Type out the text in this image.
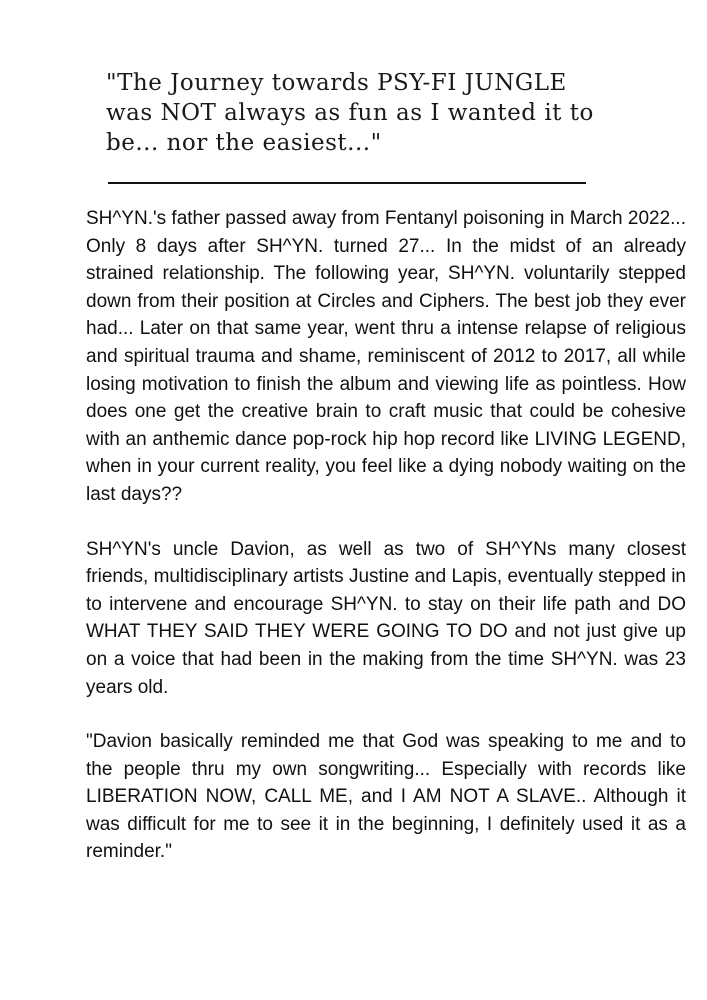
"The Journey towards PSY-FI JUNGLE was NOT always as fun as I wanted it to be... nor the easiest..."

SH^YN.'s father passed away from Fentanyl poisoning in March 2022... Only 8 days after SH^YN. turned 27... In the midst of an already strained relationship. The following year, SH^YN. voluntarily stepped down from their position at Circles and Ciphers. The best job they ever had... Later on that same year, went thru a intense relapse of religious and spiritual trauma and shame, reminiscent of 2012 to 2017, all while losing motivation to finish the album and viewing life as pointless. How does one get the creative brain to craft music that could be cohesive with an anthemic dance pop-rock hip hop record like LIVING LEGEND, when in your current reality, you feel like a dying nobody waiting on the last days??

SH^YN's uncle Davion, as well as two of SH^YNs many closest friends, multidisciplinary artists Justine and Lapis, eventually stepped in to intervene and encourage SH^YN. to stay on their life path and DO WHAT THEY SAID THEY WERE GOING TO DO and not just give up on a voice that had been in the making from the time SH^YN. was 23 years old.

"Davion basically reminded me that God was speaking to me and to the people thru my own songwriting... Especially with records like LIBERATION NOW, CALL ME, and I AM NOT A SLAVE.. Although it was difficult for me to see it in the beginning, I definitely used it as a reminder."
